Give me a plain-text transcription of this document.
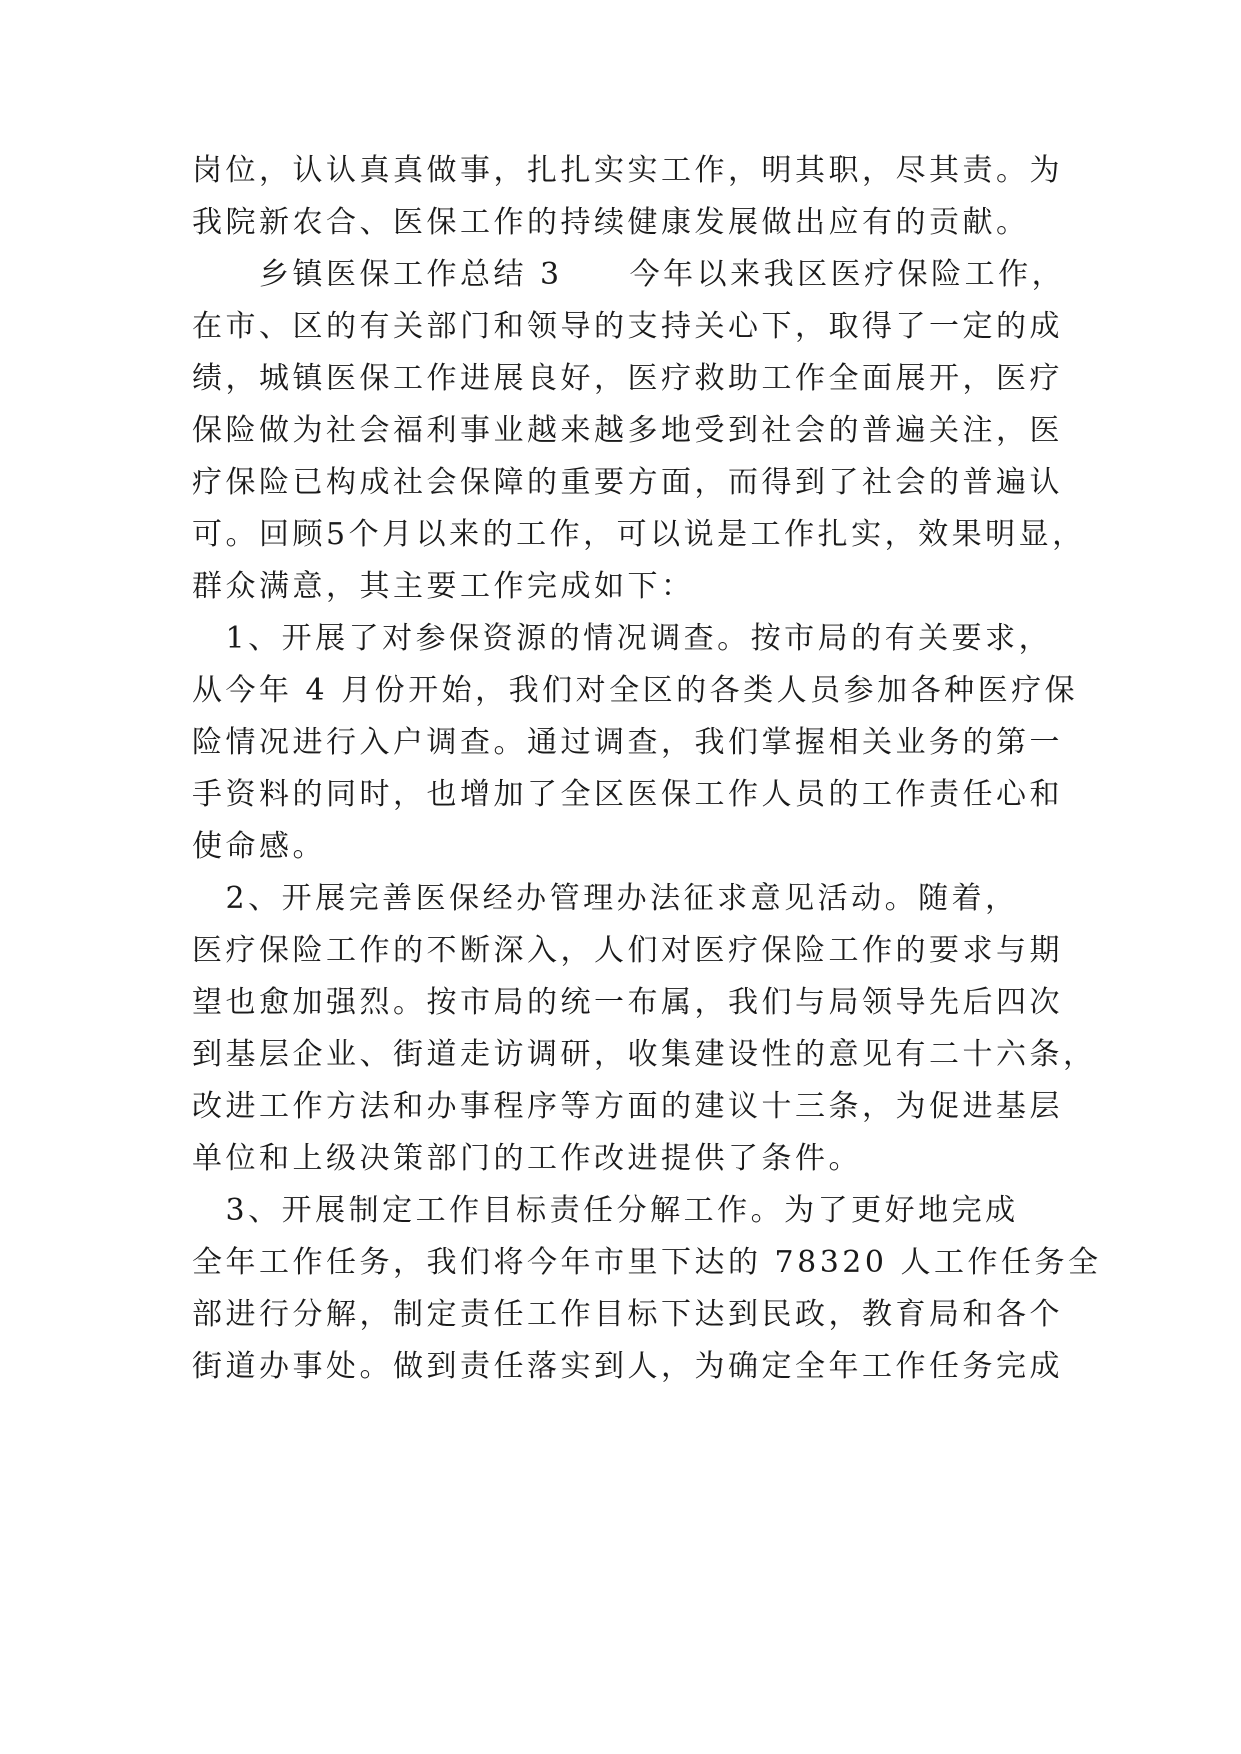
岗位，认认真真做事，扎扎实实工作，明其职，尽其责。为
我院新农合、医保工作的持续健康发展做出应有的贡献。
　　乡镇医保工作总结 3　　今年以来我区医疗保险工作，
在市、区的有关部门和领导的支持关心下，取得了一定的成
绩，城镇医保工作进展良好，医疗救助工作全面展开，医疗
保险做为社会福利事业越来越多地受到社会的普遍关注，医
疗保险已构成社会保障的重要方面，而得到了社会的普遍认
可。回顾5个月以来的工作，可以说是工作扎实，效果明显，
群众满意，其主要工作完成如下：
　1、开展了对参保资源的情况调查。按市局的有关要求，
从今年 4 月份开始，我们对全区的各类人员参加各种医疗保
险情况进行入户调查。通过调查，我们掌握相关业务的第一
手资料的同时，也增加了全区医保工作人员的工作责任心和
使命感。
　2、开展完善医保经办管理办法征求意见活动。随着，
医疗保险工作的不断深入，人们对医疗保险工作的要求与期
望也愈加强烈。按市局的统一布属，我们与局领导先后四次
到基层企业、街道走访调研，收集建设性的意见有二十六条，
改进工作方法和办事程序等方面的建议十三条，为促进基层
单位和上级决策部门的工作改进提供了条件。
　3、开展制定工作目标责任分解工作。为了更好地完成
全年工作任务，我们将今年市里下达的 78320 人工作任务全
部进行分解，制定责任工作目标下达到民政，教育局和各个
街道办事处。做到责任落实到人，为确定全年工作任务完成
